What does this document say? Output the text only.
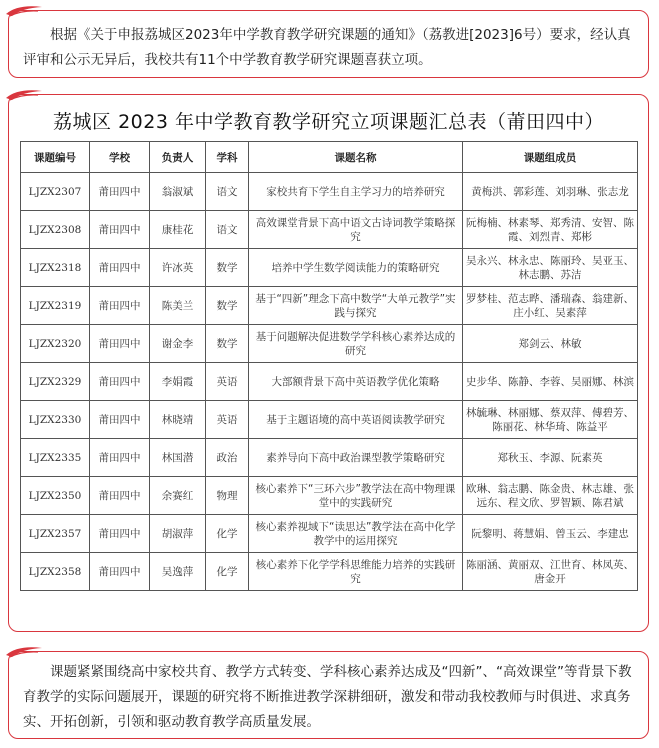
根据《关于申报荔城区2023年中学教育教学研究课题的通知》（荔教进[2023]6号）要求，经认真评审和公示无异后，我校共有11个中学教育教学研究课题喜获立项。
荔城区 2023 年中学教育教学研究立项课题汇总表（莆田四中）
课题编号	学校	负责人	学科	课题名称	课题组成员
LJZX2307	莆田四中	翁淑斌	语文	家校共育下学生自主学习力的培养研究	黄梅洪、郭彩莲、刘羽琳、张志龙
LJZX2308	莆田四中	康桂花	语文	高效课堂背景下高中语文古诗词教学策略探究	阮梅楠、林素琴、郑秀清、安智、陈霞、刘烈青、郑彬
LJZX2318	莆田四中	许冰英	数学	培养中学生数学阅读能力的策略研究	吴永兴、林永忠、陈丽玲、吴亚玉、林志鹏、苏洁
LJZX2319	莆田四中	陈美兰	数学	基于“四新”理念下高中数学“大单元教学”实践与探究	罗梦桂、范志晔、潘瑞森、翁建新、庄小红、吴素萍
LJZX2320	莆田四中	谢金李	数学	基于问题解决促进数学学科核心素养达成的研究	郑剑云、林敏
LJZX2329	莆田四中	李娟霞	英语	大部额背景下高中英语教学优化策略	史步华、陈静、李蓉、吴丽娜、林滨
LJZX2330	莆田四中	林晓靖	英语	基于主题语境的高中英语阅读教学研究	林毓琳、林丽娜、蔡双萍、傅碧芳、陈丽花、林华琦、陈益平
LJZX2335	莆田四中	林国潜	政治	素养导向下高中政治课型教学策略研究	郑秋玉、李源、阮素英
LJZX2350	莆田四中	余赛红	物理	核心素养下“三环六步”教学法在高中物理课堂中的实践研究	欧琳、翁志鹏、陈金贵、林志雄、张远东、程文欣、罗智颖、陈君斌
LJZX2357	莆田四中	胡淑萍	化学	核心素养视域下“读思达”教学法在高中化学教学中的运用探究	阮黎明、蒋慧娟、曾玉云、李建忠
LJZX2358	莆田四中	吴逸萍	化学	核心素养下化学学科思维能力培养的实践研究	陈丽涵、黄丽双、江世育、林凤英、唐金开
课题紧紧围绕高中家校共育、教学方式转变、学科核心素养达成及“四新”、“高效课堂”等背景下教育教学的实际问题展开，课题的研究将不断推进教学深耕细研，激发和带动我校教师与时俱进、求真务实、开拓创新，引领和驱动教育教学高质量发展。
